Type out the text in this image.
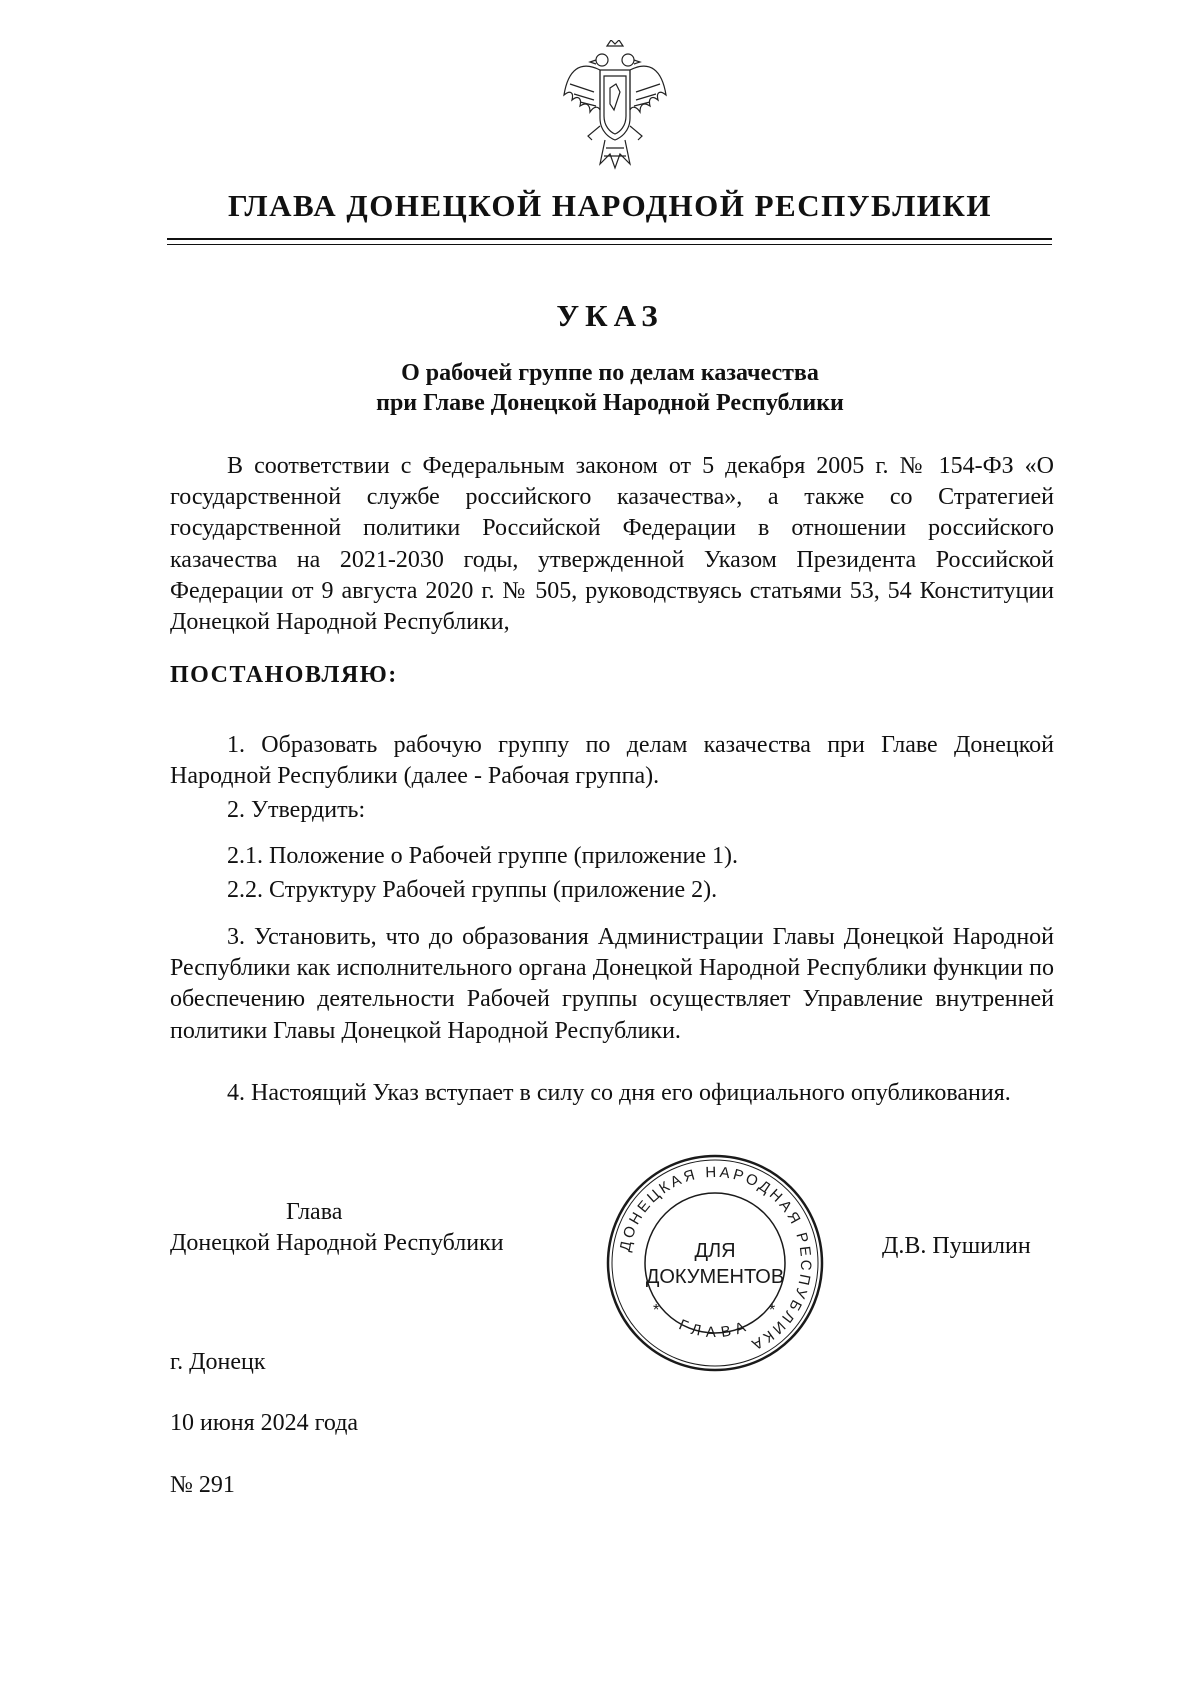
ГЛАВА ДОНЕЦКОЙ НАРОДНОЙ РЕСПУБЛИКИ
УКАЗ
О рабочей группе по делам казачества
при Главе Донецкой Народной Республики

В соответствии с Федеральным законом от 5 декабря 2005 г. № 154-ФЗ «О государственной службе российского казачества», а также со Стратегией государственной политики Российской Федерации в отношении российского казачества на 2021-2030 годы, утвержденной Указом Президента Российской Федерации от 9 августа 2020 г. № 505, руководствуясь статьями 53, 54 Конституции Донецкой Народной Республики,

ПОСТАНОВЛЯЮ:

1. Образовать рабочую группу по делам казачества при Главе Донецкой Народной Республики (далее - Рабочая группа).

2. Утвердить:
2.1. Положение о Рабочей группе (приложение 1).
2.2. Структуру Рабочей группы (приложение 2).

3. Установить, что до образования Администрации Главы Донецкой Народной Республики как исполнительного органа Донецкой Народной Республики функции по обеспечению деятельности Рабочей группы осуществляет Управление внутренней политики Главы Донецкой Народной Республики.

4. Настоящий Указ вступает в силу со дня его официального опубликования.

Глава
Донецкой Народной Республики	ДОНЕЦКАЯ НАРОДНАЯ РЕСПУБЛИКА
ГЛАВА
*	*
ДЛЯ
ДОКУМЕНТОВ
Д.В. Пушилин
г. Донецк
10 июня 2024 года
№ 291
